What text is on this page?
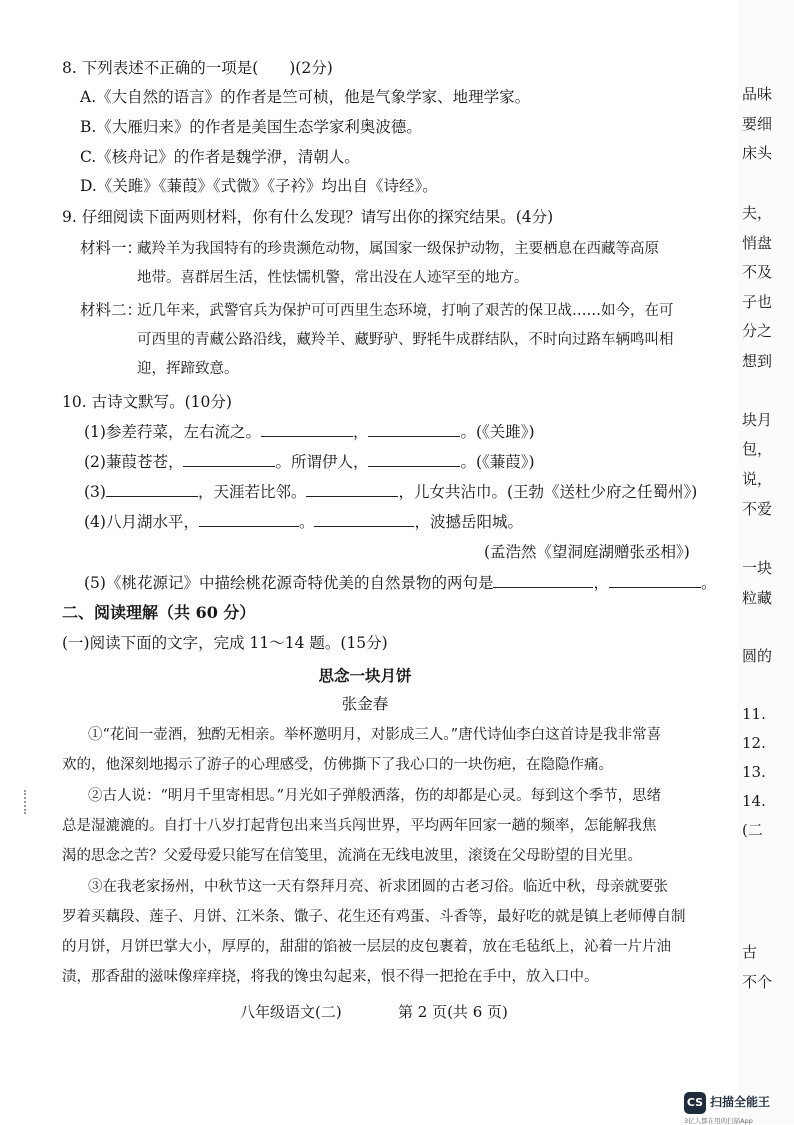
8. 下列表述不正确的一项是(　　)(2分)
A.《大自然的语言》的作者是竺可桢，他是气象学家、地理学家。
B.《大雁归来》的作者是美国生态学家利奥波德。
C.《核舟记》的作者是魏学洢，清朝人。
D.《关雎》《蒹葭》《式微》《子衿》均出自《诗经》。
9. 仔细阅读下面两则材料，你有什么发现？请写出你的探究结果。(4分)
材料一：
藏羚羊为我国特有的珍贵濒危动物，属国家一级保护动物，主要栖息在西藏等高原
地带。喜群居生活，性怯懦机警，常出没在人迹罕至的地方。
材料二：
近几年来，武警官兵为保护可可西里生态环境，打响了艰苦的保卫战……如今，在可
可西里的青藏公路沿线，藏羚羊、藏野驴、野牦牛成群结队，不时向过路车辆鸣叫相
迎，挥蹄致意。
10. 古诗文默写。(10分)
(1)参差荇菜，左右流之。	，	。(《关雎》)
(2)蒹葭苍苍，	。所谓伊人，	。(《蒹葭》)
(3)	，天涯若比邻。	，儿女共沾巾。(王勃《送杜少府之任蜀州》)
(4)八月湖水平，	。	，波撼岳阳城。
(孟浩然《望洞庭湖赠张丞相》)
(5)《桃花源记》中描绘桃花源奇特优美的自然景物的两句是	，	。
二、阅读理解（共 60 分）
(一)阅读下面的文字，完成 11～14 题。(15分)
思念一块月饼
张金春
①“花间一壶酒，独酌无相亲。举杯邀明月，对影成三人。”唐代诗仙李白这首诗是我非常喜
欢的，他深刻地揭示了游子的心理感受，仿佛撕下了我心口的一块伤疤，在隐隐作痛。
②古人说：“明月千里寄相思。”月光如子弹般洒落，伤的却都是心灵。每到这个季节，思绪
总是湿漉漉的。自打十八岁打起背包出来当兵闯世界，平均两年回家一趟的频率，怎能解我焦
渴的思念之苦？父爱母爱只能写在信笺里，流淌在无线电波里，滚烫在父母盼望的目光里。
③在我老家扬州，中秋节这一天有祭拜月亮、祈求团圆的古老习俗。临近中秋，母亲就要张
罗着买藕段、莲子、月饼、江米条、馓子、花生还有鸡蛋、斗香等，最好吃的就是镇上老师傅自制
的月饼，月饼巴掌大小，厚厚的，甜甜的馅被一层层的皮包裹着，放在毛毡纸上，沁着一片片油
渍，那香甜的滋味像痒痒挠，将我的馋虫勾起来，恨不得一把抢在手中，放入口中。
八年级语文(二)	第 2 页(共 6 页)
品味
要细
床头
夫，
悄盘
不及
子也
分之
想到
块月
包，
说，
不爱
一块
粒藏
圆的
11.
12.
13.
14.
(二
古
不个
CS 扫描全能王
3亿人都在用的扫描App
